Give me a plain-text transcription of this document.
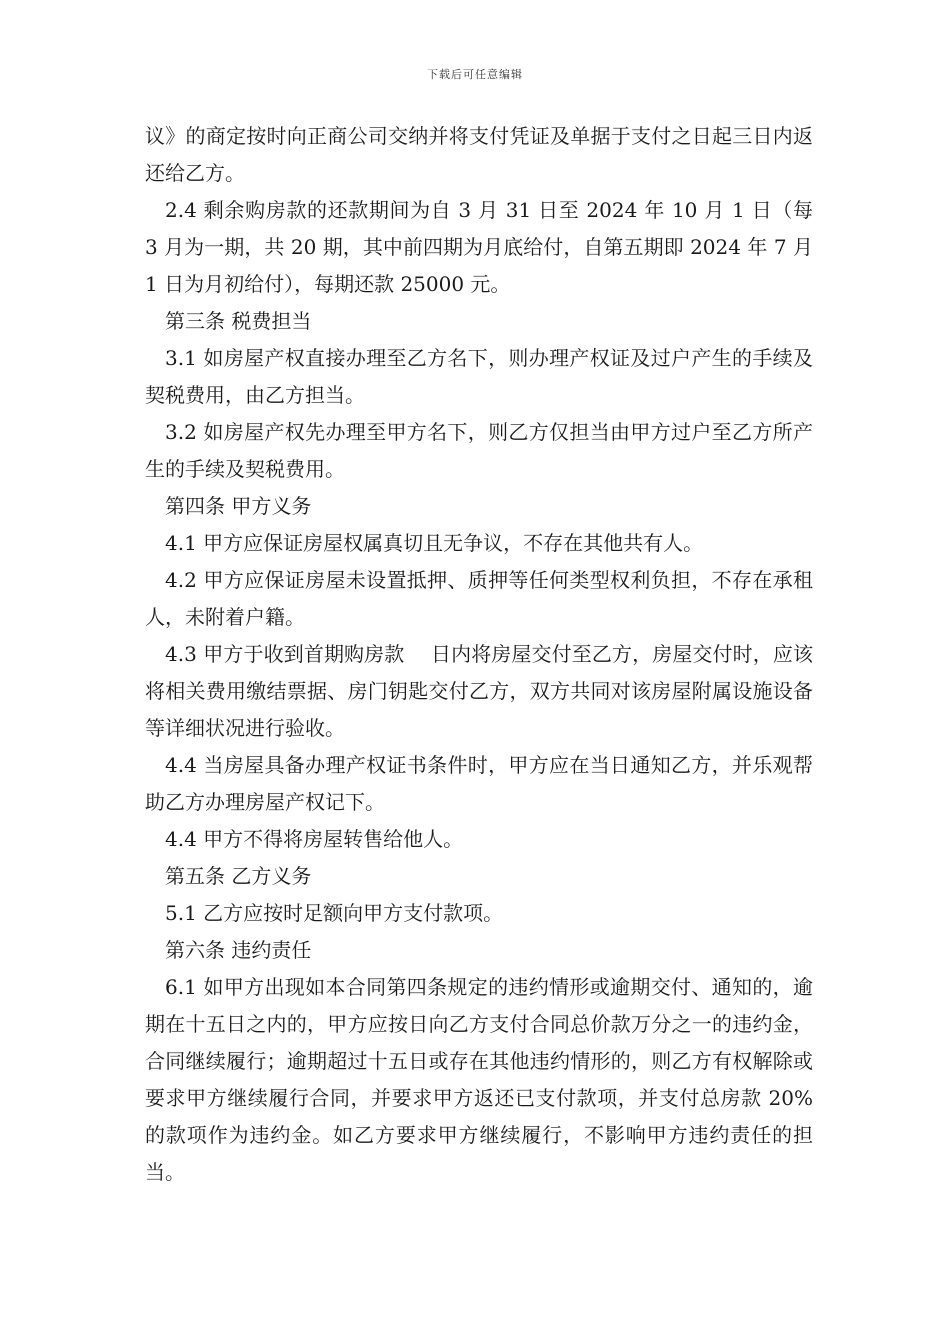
下载后可任意编辑

议》的商定按时向正商公司交纳并将支付凭证及单据于支付之日起三日内返还给乙方。

2.4 剩余购房款的还款期间为自 3 月 31 日至 2024 年 10 月 1 日（每 3 月为一期，共 20 期，其中前四期为月底给付，自第五期即 2024 年 7 月 1 日为月初给付），每期还款 25000 元。

第三条 税费担当

3.1 如房屋产权直接办理至乙方名下，则办理产权证及过户产生的手续及契税费用，由乙方担当。

3.2 如房屋产权先办理至甲方名下，则乙方仅担当由甲方过户至乙方所产生的手续及契税费用。

第四条 甲方义务

4.1 甲方应保证房屋权属真切且无争议，不存在其他共有人。

4.2 甲方应保证房屋未设置抵押、质押等任何类型权利负担，不存在承租人，未附着户籍。

4.3 甲方于收到首期购房款　 日内将房屋交付至乙方，房屋交付时，应该将相关费用缴结票据、房门钥匙交付乙方，双方共同对该房屋附属设施设备等详细状况进行验收。

4.4 当房屋具备办理产权证书条件时，甲方应在当日通知乙方，并乐观帮助乙方办理房屋产权记下。

4.4 甲方不得将房屋转售给他人。

第五条 乙方义务

5.1 乙方应按时足额向甲方支付款项。

第六条 违约责任

6.1 如甲方出现如本合同第四条规定的违约情形或逾期交付、通知的，逾期在十五日之内的，甲方应按日向乙方支付合同总价款万分之一的违约金，合同继续履行；逾期超过十五日或存在其他违约情形的，则乙方有权解除或要求甲方继续履行合同，并要求甲方返还已支付款项，并支付总房款 20%的款项作为违约金。如乙方要求甲方继续履行，不影响甲方违约责任的担当。
